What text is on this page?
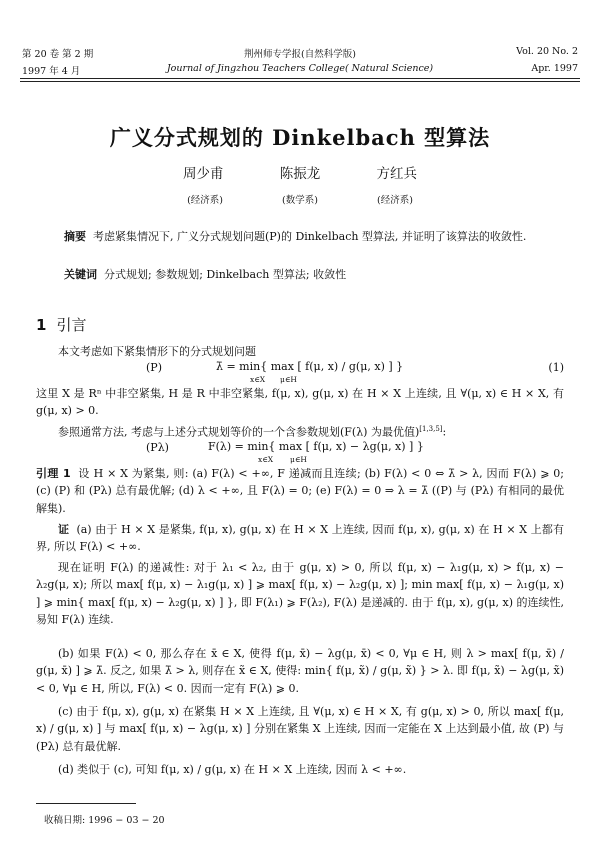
第 20 卷 第 2 期
1997 年 4 月
荆州师专学报(自然科学版)
Journal of Jingzhou Teachers College( Natural Science)
Vol. 20 No. 2
Apr. 1997
广义分式规划的 Dinkelbach 型算法
周少甫	陈振龙	方红兵
(经济系)	(数学系)	(经济系)
摘要 考虑紧集情况下, 广义分式规划问题(P)的 Dinkelbach 型算法, 并证明了该算法的收敛性.
关键词 分式规划; 参数规划; Dinkelbach 型算法; 收敛性
1 引言
本文考虑如下紧集情形下的分式规划问题
(P)	λ̄ = min{ max [ f(μ, x) / g(μ, x) ] }
x∈X μ∈H
(1)
这里 X 是 Rⁿ 中非空紧集, H 是 R 中非空紧集, f(μ, x), g(μ, x) 在 H × X 上连续, 且 ∀(μ, x) ∈ H × X, 有 g(μ, x) > 0.
参照通常方法, 考虑与上述分式规划等价的一个含参数规划(F(λ) 为最优值)[1,3,5]:
(Pλ)	F(λ) = min{ max [ f(μ, x) − λg(μ, x) ] }
x∈X μ∈H
引理 1 设 H × X 为紧集, 则: (a) F(λ) < +∞, F 递减而且连续; (b) F(λ) < 0 ⇔ λ̄ > λ, 因而 F(λ) ⩾ 0; (c) (P) 和 (Pλ) 总有最优解; (d) λ < +∞, 且 F(λ) = 0; (e) F(λ) = 0 ⇒ λ = λ̄ ((P) 与 (Pλ) 有相同的最优解集).
证 (a) 由于 H × X 是紧集, f(μ, x), g(μ, x) 在 H × X 上连续, 因而 f(μ, x), g(μ, x) 在 H × X 上都有界, 所以 F(λ) < +∞.
现在证明 F(λ) 的递减性: 对于 λ₁ < λ₂, 由于 g(μ, x) > 0, 所以 f(μ, x) − λ₁g(μ, x) > f(μ, x) − λ₂g(μ, x); 所以 max[ f(μ, x) − λ₁g(μ, x) ] ⩾ max[ f(μ, x) − λ₂g(μ, x) ]; min max[ f(μ, x) − λ₁g(μ, x) ] ⩾ min{ max[ f(μ, x) − λ₂g(μ, x) ] }, 即 F(λ₁) ⩾ F(λ₂), F(λ) 是递减的. 由于 f(μ, x), g(μ, x) 的连续性, 易知 F(λ) 连续.
(b) 如果 F(λ) < 0, 那么存在 x̄ ∈ X, 使得 f(μ, x̄) − λg(μ, x̄) < 0, ∀μ ∈ H, 则 λ > max[ f(μ, x̄) / g(μ, x̄) ] ⩾ λ̄. 反之, 如果 λ̄ > λ, 则存在 x̃ ∈ X, 使得: min{ f(μ, x̃) / g(μ, x̃) } > λ. 即 f(μ, x̃) − λg(μ, x̃) < 0, ∀μ ∈ H, 所以, F(λ) < 0. 因而一定有 F(λ) ⩾ 0.
(c) 由于 f(μ, x), g(μ, x) 在紧集 H × X 上连续, 且 ∀(μ, x) ∈ H × X, 有 g(μ, x) > 0, 所以 max[ f(μ, x) / g(μ, x) ] 与 max[ f(μ, x) − λg(μ, x) ] 分别在紧集 X 上连续, 因而一定能在 X 上达到最小值, 故 (P) 与 (Pλ) 总有最优解.
(d) 类似于 (c), 可知 f(μ, x) / g(μ, x) 在 H × X 上连续, 因而 λ < +∞.
收稿日期: 1996 − 03 − 20
